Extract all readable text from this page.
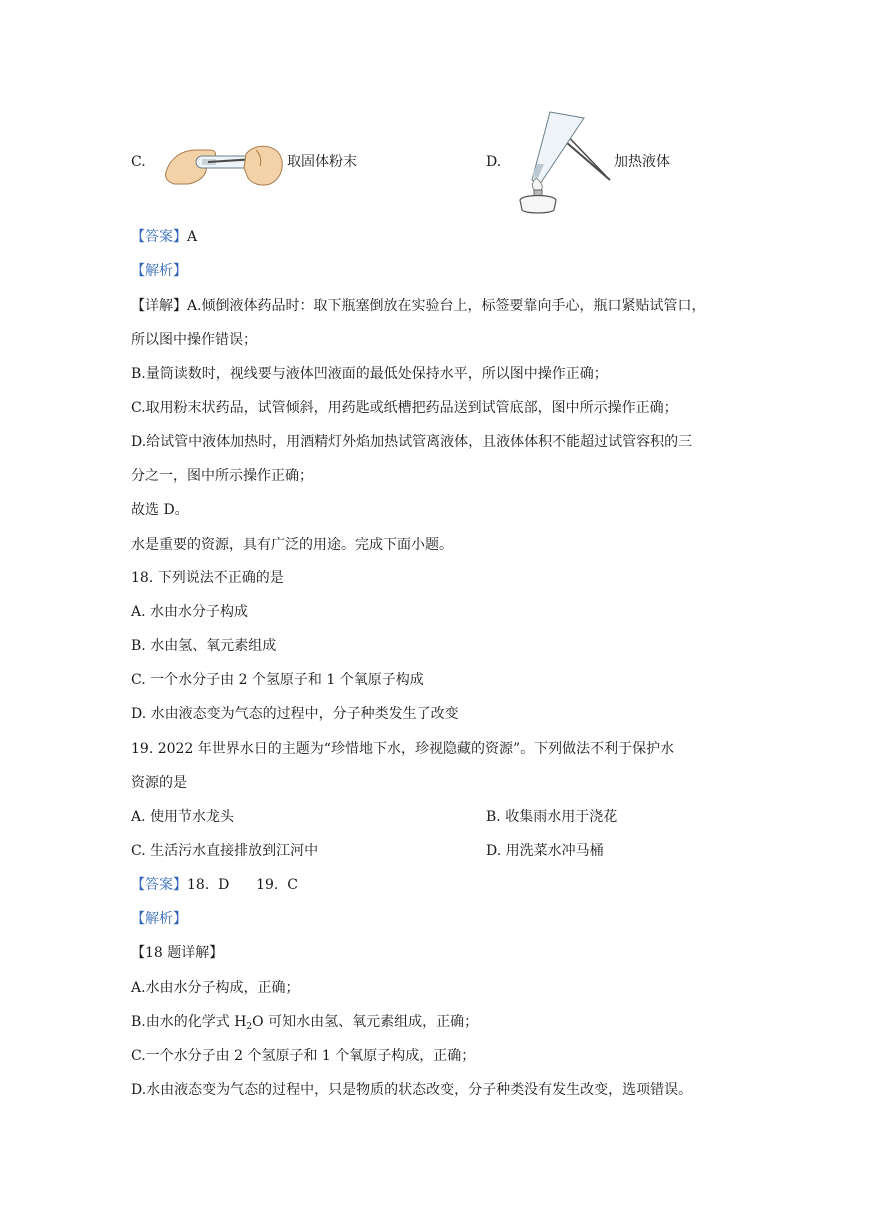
C.	取固体粉末	D.	加热液体
【答案】A
【解析】
【详解】A.倾倒液体药品时：取下瓶塞倒放在实验台上，标签要靠向手心，瓶口紧贴试管口，
所以图中操作错误；
B.量筒读数时，视线要与液体凹液面的最低处保持水平，所以图中操作正确；
C.取用粉末状药品，试管倾斜，用药匙或纸槽把药品送到试管底部，图中所示操作正确；
D.给试管中液体加热时，用酒精灯外焰加热试管离液体，且液体体积不能超过试管容积的三
分之一，图中所示操作正确；
故选 D。
水是重要的资源，具有广泛的用途。完成下面小题。
18. 下列说法不正确的是
A. 水由水分子构成
B. 水由氢、氧元素组成
C. 一个水分子由 2 个氢原子和 1 个氧原子构成
D. 水由液态变为气态的过程中，分子种类发生了改变
19. 2022 年世界水日的主题为“珍惜地下水，珍视隐藏的资源”。下列做法不利于保护水
资源的是
A. 使用节水龙头	B. 收集雨水用于浇花
C. 生活污水直接排放到江河中	D. 用洗菜水冲马桶
【答案】18.  D      19.  C
【解析】
【18 题详解】
A.水由水分子构成，正确；
B.由水的化学式 $H_2O$ 可知水由氢、氧元素组成，正确；
C.一个水分子由 2 个氢原子和 1 个氧原子构成，正确；
D.水由液态变为气态的过程中，只是物质的状态改变，分子种类没有发生改变，选项错误。
